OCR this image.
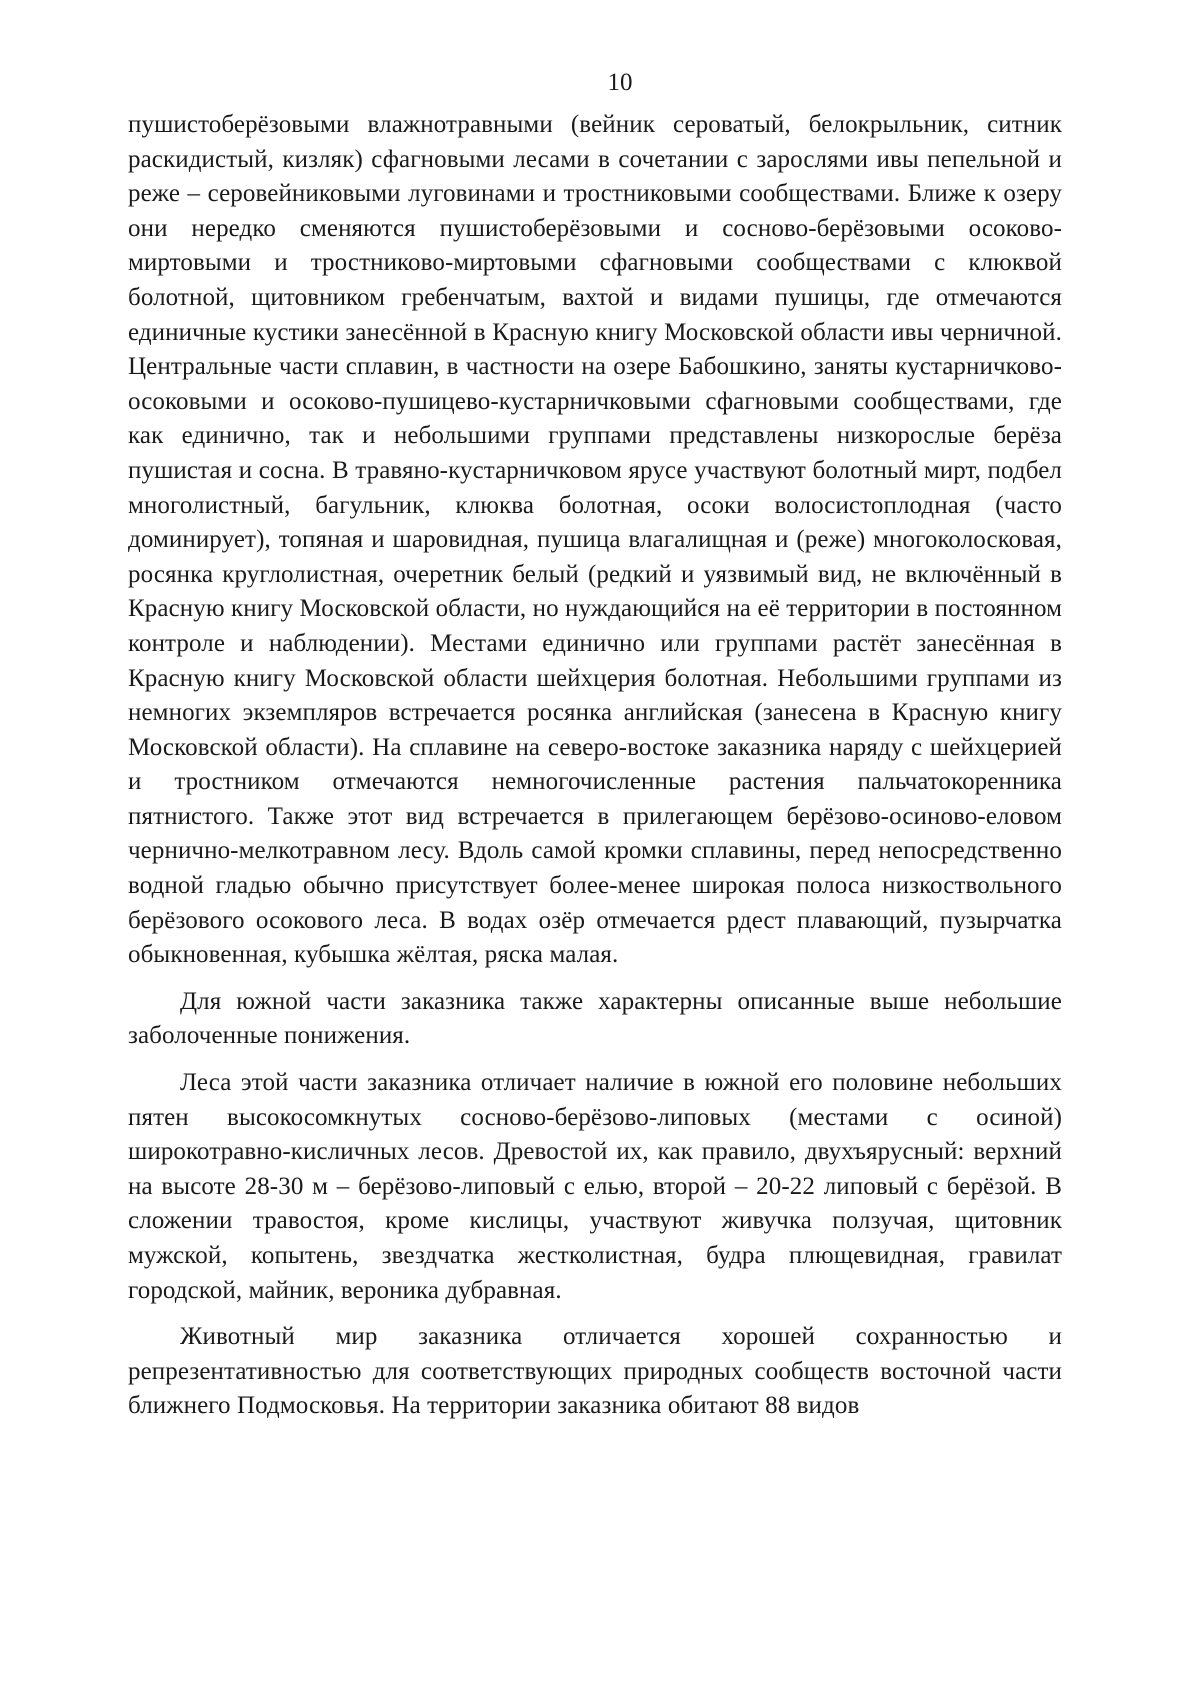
10

пушистоберёзовыми влажнотравными (вейник сероватый, белокрыльник, ситник раскидистый, кизляк) сфагновыми лесами в сочетании с зарослями ивы пепельной и реже – серовейниковыми луговинами и тростниковыми сообществами. Ближе к озеру они нередко сменяются пушистоберёзовыми и сосново-берёзовыми осоково-миртовыми и тростниково-миртовыми сфагновыми сообществами с клюквой болотной, щитовником гребенчатым, вахтой и видами пушицы, где отмечаются единичные кустики занесённой в Красную книгу Московской области ивы черничной. Центральные части сплавин, в частности на озере Бабошкино, заняты кустарничково-осоковыми и осоково-пушицево-кустарничковыми сфагновыми сообществами, где как единично, так и небольшими группами представлены низкорослые берёза пушистая и сосна. В травяно-кустарничковом ярусе участвуют болотный мирт, подбел многолистный, багульник, клюква болотная, осоки волосистоплодная (часто доминирует), топяная и шаровидная, пушица влагалищная и (реже) многоколосковая, росянка круглолистная, очеретник белый (редкий и уязвимый вид, не включённый в Красную книгу Московской области, но нуждающийся на её территории в постоянном контроле и наблюдении). Местами единично или группами растёт занесённая в Красную книгу Московской области шейхцерия болотная. Небольшими группами из немногих экземпляров встречается росянка английская (занесена в Красную книгу Московской области). На сплавине на северо-востоке заказника наряду с шейхцерией и тростником отмечаются немногочисленные растения пальчатокоренника пятнистого. Также этот вид встречается в прилегающем берёзово-осиново-еловом чернично-мелкотравном лесу. Вдоль самой кромки сплавины, перед непосредственно водной гладью обычно присутствует более-менее широкая полоса низкоствольного берёзового осокового леса. В водах озёр отмечается рдест плавающий, пузырчатка обыкновенная, кубышка жёлтая, ряска малая.

Для южной части заказника также характерны описанные выше небольшие заболоченные понижения.

Леса этой части заказника отличает наличие в южной его половине небольших пятен высокосомкнутых сосново-берёзово-липовых (местами с осиной) широкотравно-кисличных лесов. Древостой их, как правило, двухъярусный: верхний на высоте 28-30 м – берёзово-липовый с елью, второй – 20-22 липовый с берёзой. В сложении травостоя, кроме кислицы, участвуют живучка ползучая, щитовник мужской, копытень, звездчатка жестколистная, будра плющевидная, гравилат городской, майник, вероника дубравная.

Животный мир заказника отличается хорошей сохранностью и репрезентативностью для соответствующих природных сообществ восточной части ближнего Подмосковья. На территории заказника обитают 88 видов
